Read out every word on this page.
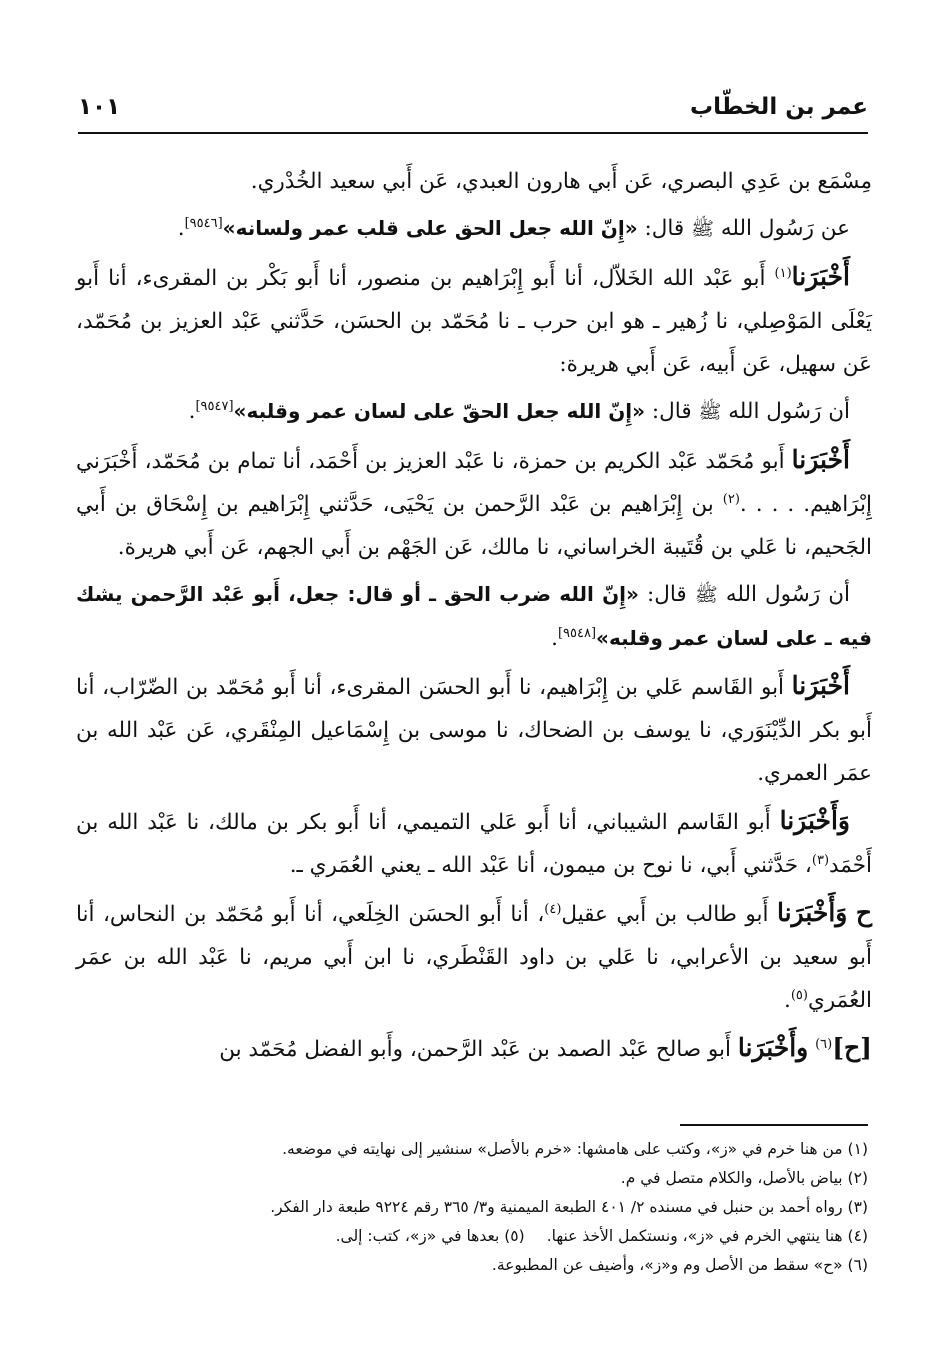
عمر بن الخطّاب
١٠١

مِسْمَع بن عَدِي البصري، عَن أَبي هارون العبدي، عَن أَبي سعيد الخُدْري.

عن رَسُول الله ﷺ قال: «إِنّ الله جعل الحق على قلب عمر ولسانه»[٩٥٤٦].

أَخْبَرَنا$^{(١)}$ أَبو عَبْد الله الخَلاّل، أنا أَبو إِبْرَاهيم بن منصور، أنا أَبو بَكْر بن المقرىء، أنا أَبو يَعْلَى المَوْصِلي، نا زُهير ـ هو ابن حرب ـ نا مُحَمّد بن الحسَن، حَدَّثني عَبْد العزيز بن مُحَمّد، عَن سهيل، عَن أَبيه، عَن أَبي هريرة:

أن رَسُول الله ﷺ قال: «إِنّ الله جعل الحقّ على لسان عمر وقلبه»[٩٥٤٧].

أَخْبَرَنا أَبو مُحَمّد عَبْد الكريم بن حمزة، نا عَبْد العزيز بن أَحْمَد، أنا تمام بن مُحَمّد، أَخْبَرَني إِبْرَاهيم. . . . .$^{(٢)}$ بن إِبْرَاهيم بن عَبْد الرَّحمن بن يَحْيَى، حَدَّثني إِبْرَاهيم بن إِسْحَاق بن أَبي الجَحيم، نا عَلي بن قُتَيبة الخراساني، نا مالك، عَن الجَهْم بن أَبي الجهم، عَن أَبي هريرة.

أن رَسُول الله ﷺ قال: «إِنّ الله ضرب الحق ـ أو قال: جعل، أَبو عَبْد الرَّحمن يشك فيه ـ على لسان عمر وقلبه»[٩٥٤٨].

أَخْبَرَنا أَبو القَاسم عَلي بن إِبْرَاهيم، نا أَبو الحسَن المقرىء، أنا أَبو مُحَمّد بن الضّرّاب، أنا أَبو بكر الدِّيْنَوَري، نا يوسف بن الضحاك، نا موسى بن إِسْمَاعيل المِنْقَري، عَن عَبْد الله بن عمَر العمري.

وَأَخْبَرَنا أَبو القَاسم الشيباني، أنا أَبو عَلي التميمي، أنا أَبو بكر بن مالك، نا عَبْد الله بن أَحْمَد$^{(٣)}$، حَدَّثني أَبي، نا نوح بن ميمون، أنا عَبْد الله ـ يعني العُمَري ـ.

ح وَأَخْبَرَنا أَبو طالب بن أَبي عقيل$^{(٤)}$، أنا أَبو الحسَن الخِلَعي، أنا أَبو مُحَمّد بن النحاس، أنا أَبو سعيد بن الأعرابي، نا عَلي بن داود القَنْطَري، نا ابن أَبي مريم، نا عَبْد الله بن عمَر العُمَري$^{(٥)}$.

[ح]$^{(٦)}$ وأَخْبَرَنا أَبو صالح عَبْد الصمد بن عَبْد الرَّحمن، وأَبو الفضل مُحَمّد بن

(١) من هنا خرم في «ز»، وكتب على هامشها: «خرم بالأصل» سنشير إلى نهايته في موضعه.
(٢) بياض بالأصل، والكلام متصل في م.
(٣) رواه أحمد بن حنبل في مسنده ٢/ ٤٠١ الطبعة الميمنية و٣/ ٣٦٥ رقم ٩٢٢٤ طبعة دار الفكر.
(٤) هنا ينتهي الخرم في «ز»، ونستكمل الأخذ عنها.(٥) بعدها في «ز»، كتب: إلى.
(٦) «ح» سقط من الأصل وم و«ز»، وأضيف عن المطبوعة.
